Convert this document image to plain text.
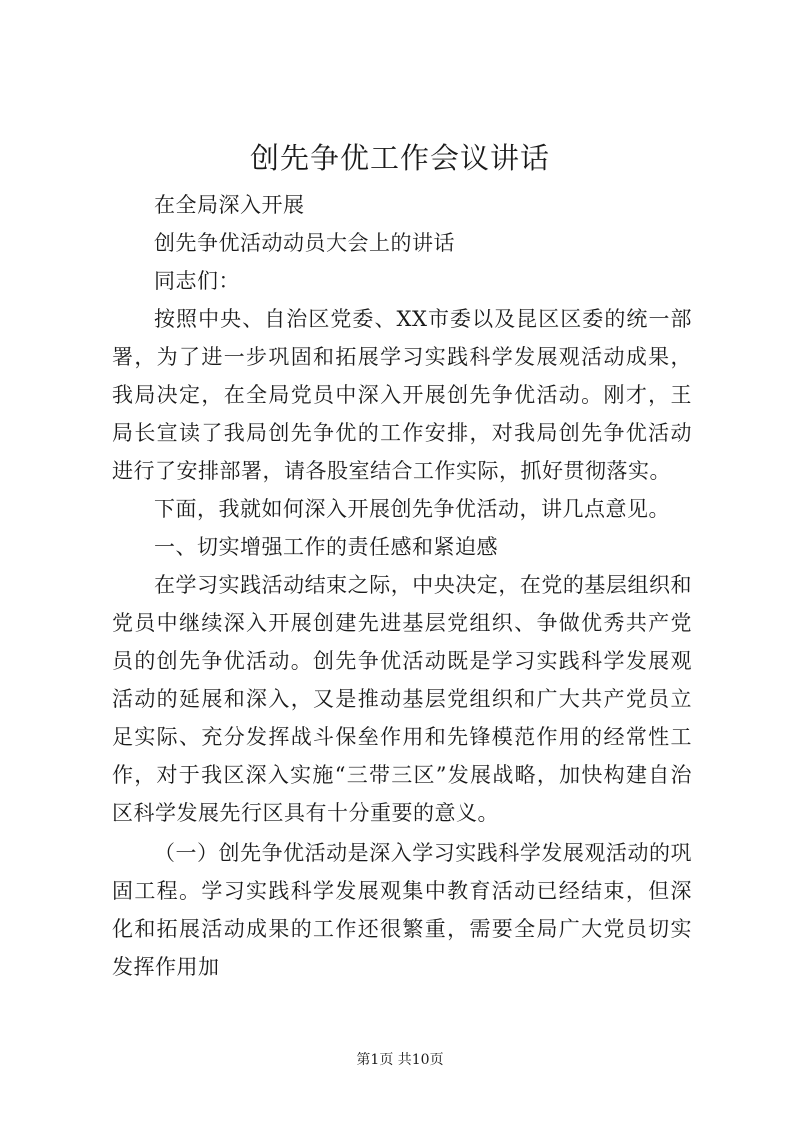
创先争优工作会议讲话

在全局深入开展

创先争优活动动员大会上的讲话

同志们：

按照中央、自治区党委、XX市委以及昆区区委的统一部署，为了进一步巩固和拓展学习实践科学发展观活动成果，我局决定，在全局党员中深入开展创先争优活动。刚才，王局长宣读了我局创先争优的工作安排，对我局创先争优活动进行了安排部署，请各股室结合工作实际，抓好贯彻落实。

下面，我就如何深入开展创先争优活动，讲几点意见。

一、切实增强工作的责任感和紧迫感

在学习实践活动结束之际，中央决定，在党的基层组织和党员中继续深入开展创建先进基层党组织、争做优秀共产党员的创先争优活动。创先争优活动既是学习实践科学发展观活动的延展和深入，又是推动基层党组织和广大共产党员立足实际、充分发挥战斗保垒作用和先锋模范作用的经常性工作，对于我区深入实施“三带三区”发展战略，加快构建自治区科学发展先行区具有十分重要的意义。

（一）创先争优活动是深入学习实践科学发展观活动的巩固工程。学习实践科学发展观集中教育活动已经结束，但深化和拓展活动成果的工作还很繁重，需要全局广大党员切实发挥作用加

第1页 共10页
